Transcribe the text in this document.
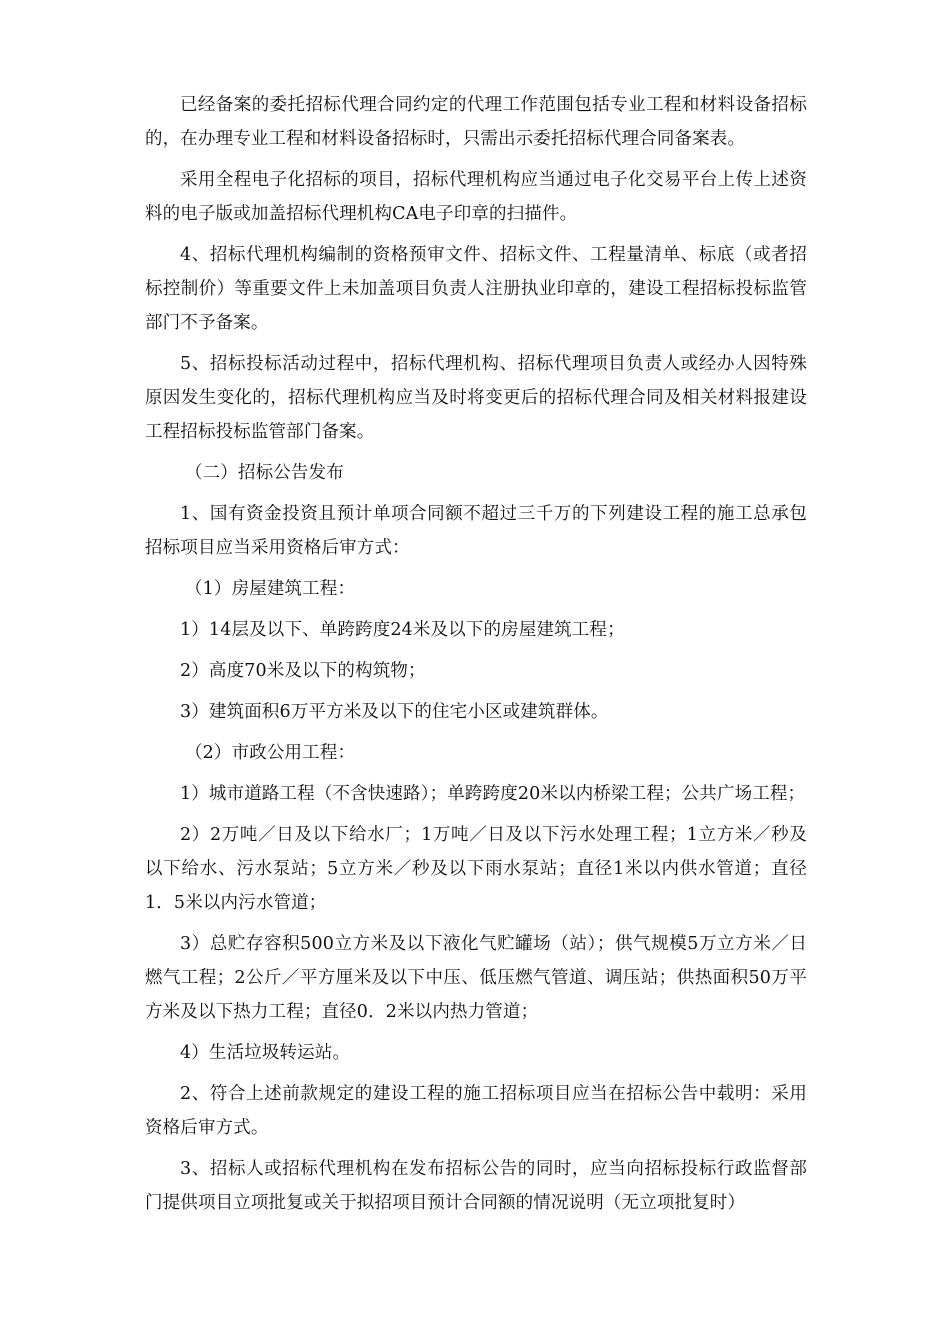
已经备案的委托招标代理合同约定的代理工作范围包括专业工程和材料设备招标的，在办理专业工程和材料设备招标时，只需出示委托招标代理合同备案表。

采用全程电子化招标的项目，招标代理机构应当通过电子化交易平台上传上述资料的电子版或加盖招标代理机构CA电子印章的扫描件。

4、招标代理机构编制的资格预审文件、招标文件、工程量清单、标底（或者招标控制价）等重要文件上未加盖项目负责人注册执业印章的，建设工程招标投标监管部门不予备案。

5、招标投标活动过程中，招标代理机构、招标代理项目负责人或经办人因特殊原因发生变化的，招标代理机构应当及时将变更后的招标代理合同及相关材料报建设工程招标投标监管部门备案。

（二）招标公告发布

1、国有资金投资且预计单项合同额不超过三千万的下列建设工程的施工总承包招标项目应当采用资格后审方式：

（1）房屋建筑工程：

1）14层及以下、单跨跨度24米及以下的房屋建筑工程；

2）高度70米及以下的构筑物；

3）建筑面积6万平方米及以下的住宅小区或建筑群体。

（2）市政公用工程：

1）城市道路工程（不含快速路）；单跨跨度20米以内桥梁工程；公共广场工程；

2）2万吨／日及以下给水厂；1万吨／日及以下污水处理工程；1立方米／秒及以下给水、污水泵站；5立方米／秒及以下雨水泵站；直径1米以内供水管道；直径1．5米以内污水管道；

3）总贮存容积500立方米及以下液化气贮罐场（站）；供气规模5万立方米／日燃气工程；2公斤／平方厘米及以下中压、低压燃气管道、调压站；供热面积50万平方米及以下热力工程；直径0．2米以内热力管道；

4）生活垃圾转运站。

2、符合上述前款规定的建设工程的施工招标项目应当在招标公告中载明：采用资格后审方式。

3、招标人或招标代理机构在发布招标公告的同时，应当向招标投标行政监督部门提供项目立项批复或关于拟招项目预计合同额的情况说明（无立项批复时）
